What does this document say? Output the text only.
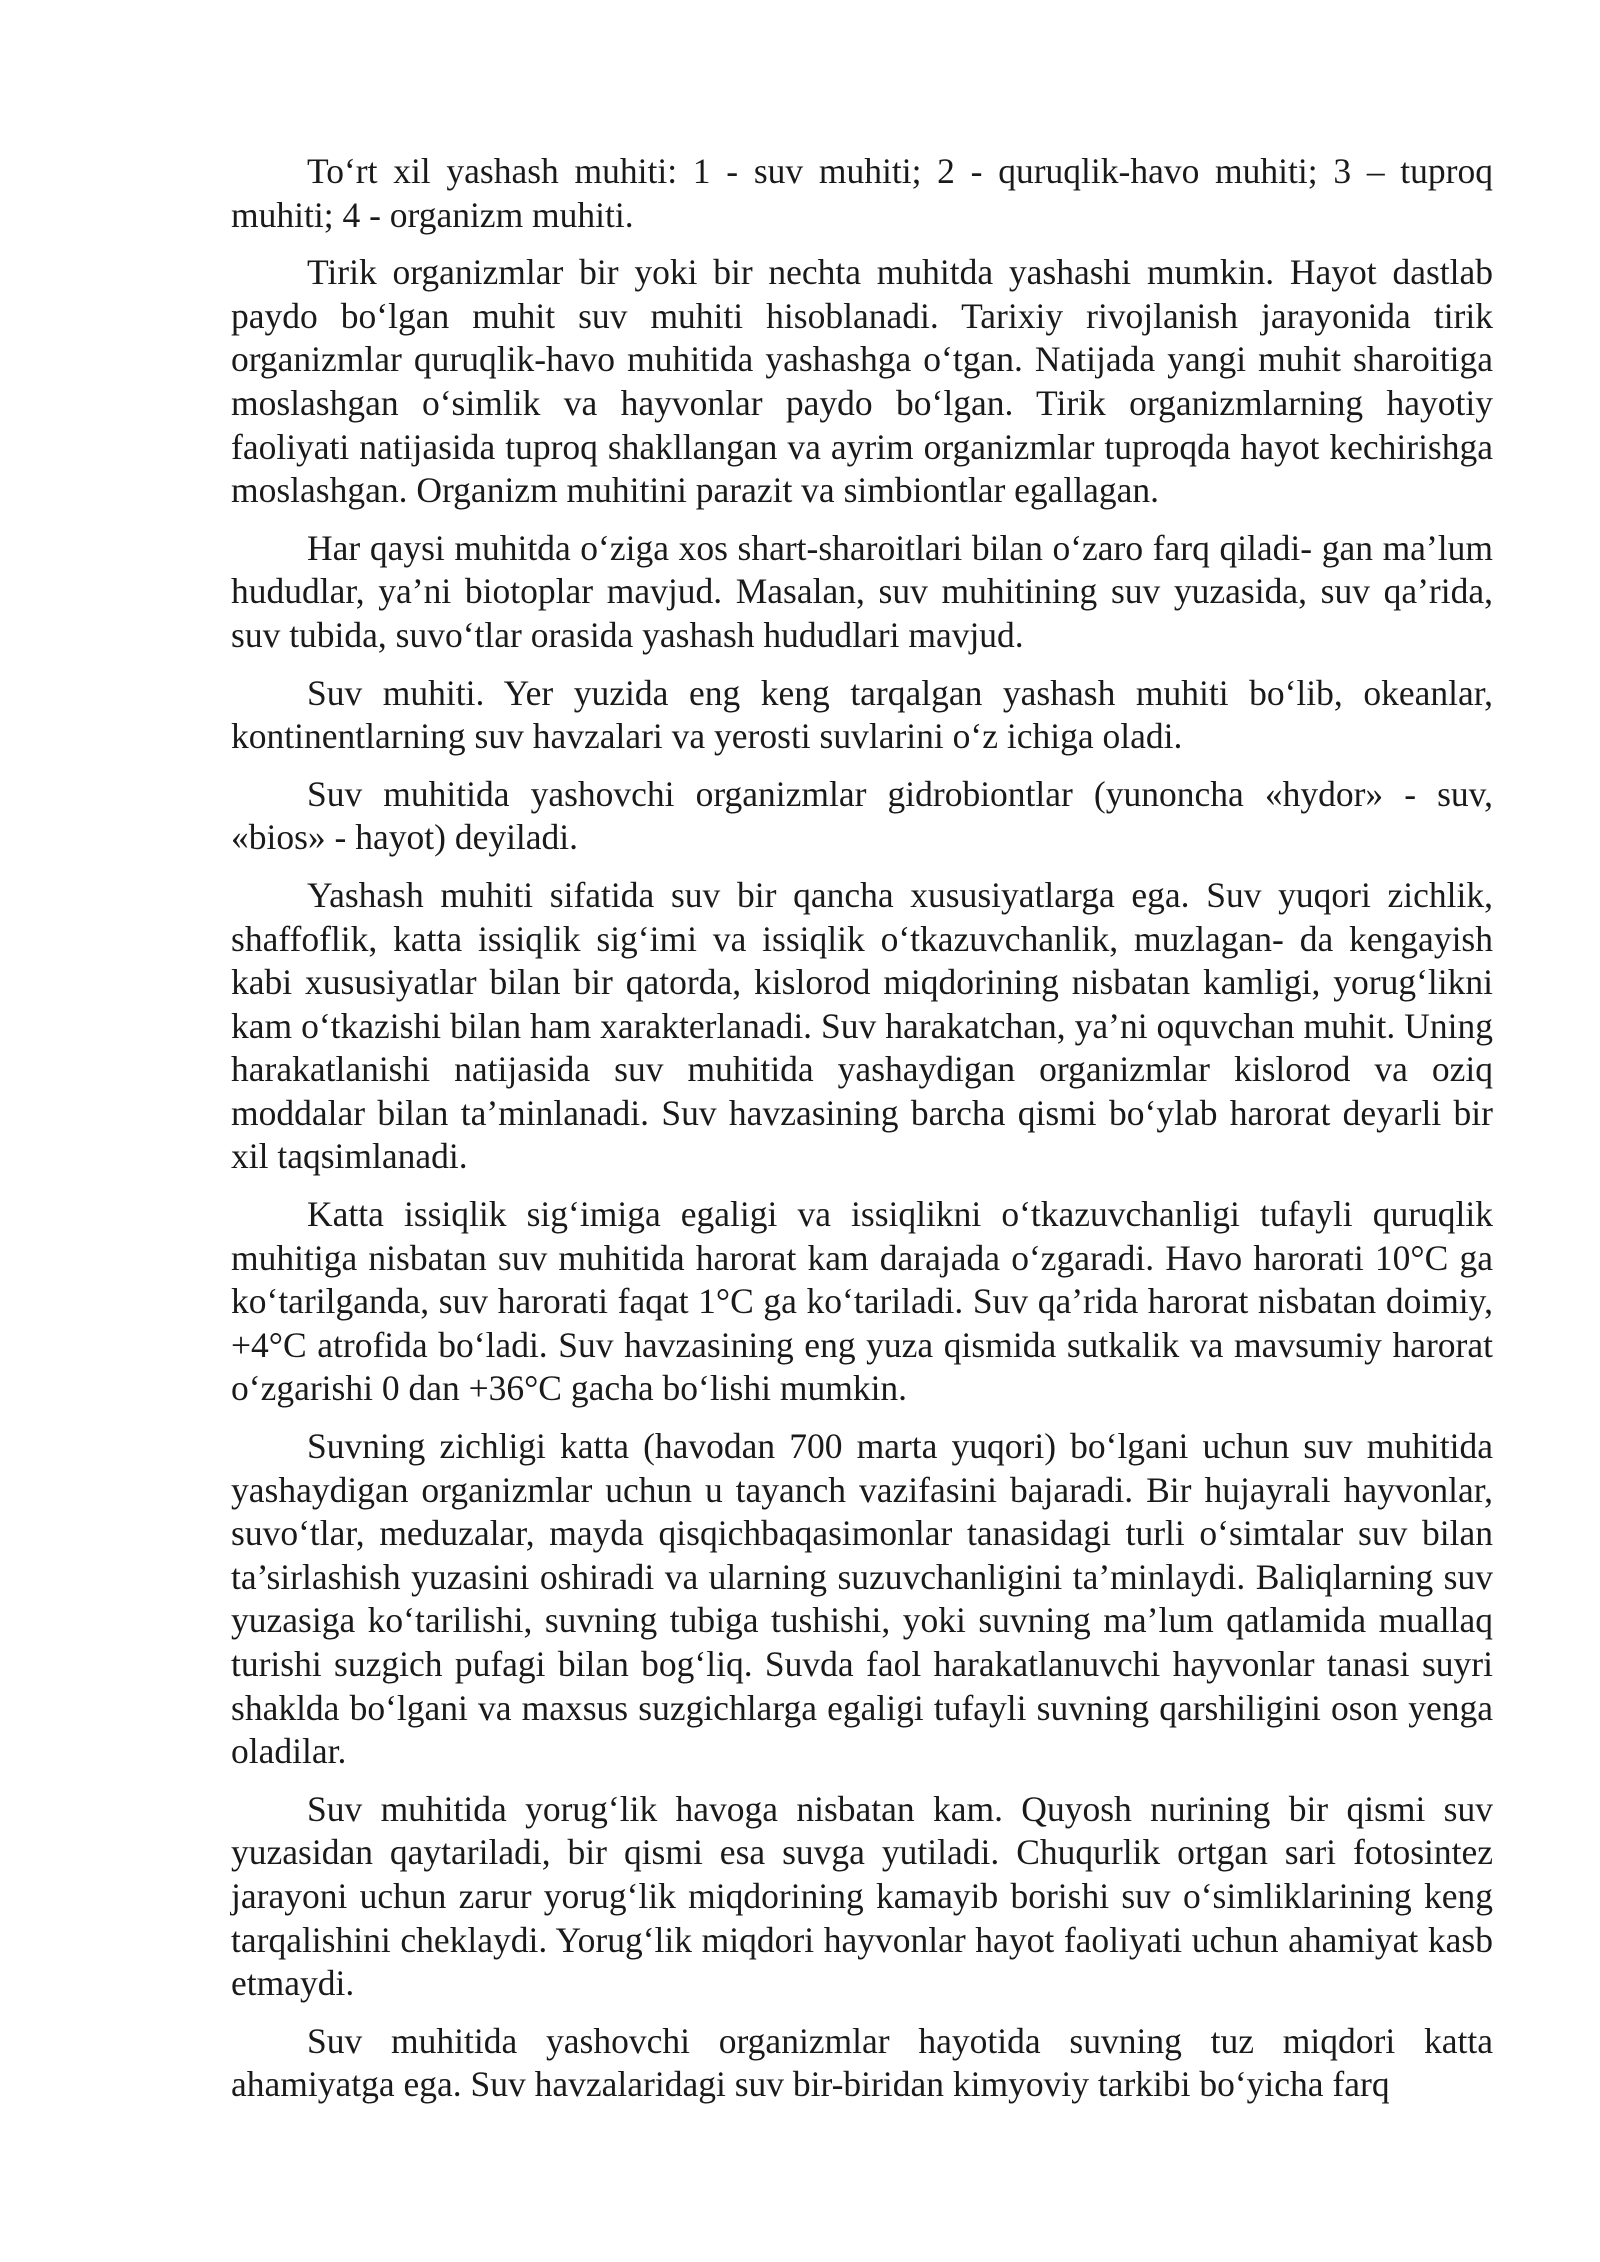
To‘rt xil yashash muhiti: 1 - suv muhiti; 2 - quruqlik-havo muhiti; 3 – tuproq muhiti; 4 - organizm muhiti.

Tirik organizmlar bir yoki bir nechta muhitda yashashi mumkin. Hayot dastlab paydo bo‘lgan muhit suv muhiti hisoblanadi. Tarixiy rivojlanish jarayonida tirik organizmlar quruqlik-havo muhitida yashashga o‘tgan. Natijada yangi muhit sharoitiga moslashgan o‘simlik va hayvonlar paydo bo‘lgan. Tirik organizmlarning hayotiy faoliyati natijasida tuproq shakllangan va ayrim organizmlar tuproqda hayot kechirishga moslashgan. Organizm muhitini parazit va simbiontlar egallagan.

Har qaysi muhitda o‘ziga xos shart-sharoitlari bilan o‘zaro farq qiladi- gan ma’lum hududlar, ya’ni biotoplar mavjud. Masalan, suv muhitining suv yuzasida, suv qa’rida, suv tubida, suvo‘tlar orasida yashash hududlari mavjud.

Suv muhiti. Yer yuzida eng keng tarqalgan yashash muhiti bo‘lib, okeanlar, kontinentlarning suv havzalari va yerosti suvlarini o‘z ichiga oladi.

Suv muhitida yashovchi organizmlar gidrobiontlar (yunoncha «hydor» - suv, «bios» - hayot) deyiladi.

Yashash muhiti sifatida suv bir qancha xususiyatlarga ega. Suv yuqori zichlik, shaffoflik, katta issiqlik sig‘imi va issiqlik o‘tkazuvchanlik, muzlagan- da kengayish kabi xususiyatlar bilan bir qatorda, kislorod miqdorining nisbatan kamligi, yorug‘likni kam o‘tkazishi bilan ham xarakterlanadi. Suv harakatchan, ya’ni oquvchan muhit. Uning harakatlanishi natijasida suv muhitida yashaydigan organizmlar kislorod va oziq moddalar bilan ta’minlanadi. Suv havzasining barcha qismi bo‘ylab harorat deyarli bir xil taqsimlanadi.

Katta issiqlik sig‘imiga egaligi va issiqlikni o‘tkazuvchanligi tufayli quruqlik muhitiga nisbatan suv muhitida harorat kam darajada o‘zgaradi. Havo harorati 10°C ga ko‘tarilganda, suv harorati faqat 1°C ga ko‘tariladi. Suv qa’rida harorat nisbatan doimiy, +4°C atrofida bo‘ladi. Suv havzasining eng yuza qismida sutkalik va mavsumiy harorat o‘zgarishi 0 dan +36°C gacha bo‘lishi mumkin.

Suvning zichligi katta (havodan 700 marta yuqori) bo‘lgani uchun suv muhitida yashaydigan organizmlar uchun u tayanch vazifasini bajaradi. Bir hujayrali hayvonlar, suvo‘tlar, meduzalar, mayda qisqichbaqasimonlar tanasidagi turli o‘simtalar suv bilan ta’sirlashish yuzasini oshiradi va ularning suzuvchanligini ta’minlaydi. Baliqlarning suv yuzasiga ko‘tarilishi, suvning tubiga tushishi, yoki suvning ma’lum qatlamida muallaq turishi suzgich pufagi bilan bog‘liq. Suvda faol harakatlanuvchi hayvonlar tanasi suyri shaklda bo‘lgani va maxsus suzgichlarga egaligi tufayli suvning qarshiligini oson yenga oladilar.

Suv muhitida yorug‘lik havoga nisbatan kam. Quyosh nurining bir qismi suv yuzasidan qaytariladi, bir qismi esa suvga yutiladi. Chuqurlik ortgan sari fotosintez jarayoni uchun zarur yorug‘lik miqdorining kamayib borishi suv o‘simliklarining keng tarqalishini cheklaydi. Yorug‘lik miqdori hayvonlar hayot faoliyati uchun ahamiyat kasb etmaydi.

Suv muhitida yashovchi organizmlar hayotida suvning tuz miqdori katta ahamiyatga ega. Suv havzalaridagi suv bir-biridan kimyoviy tarkibi bo‘yicha farq
